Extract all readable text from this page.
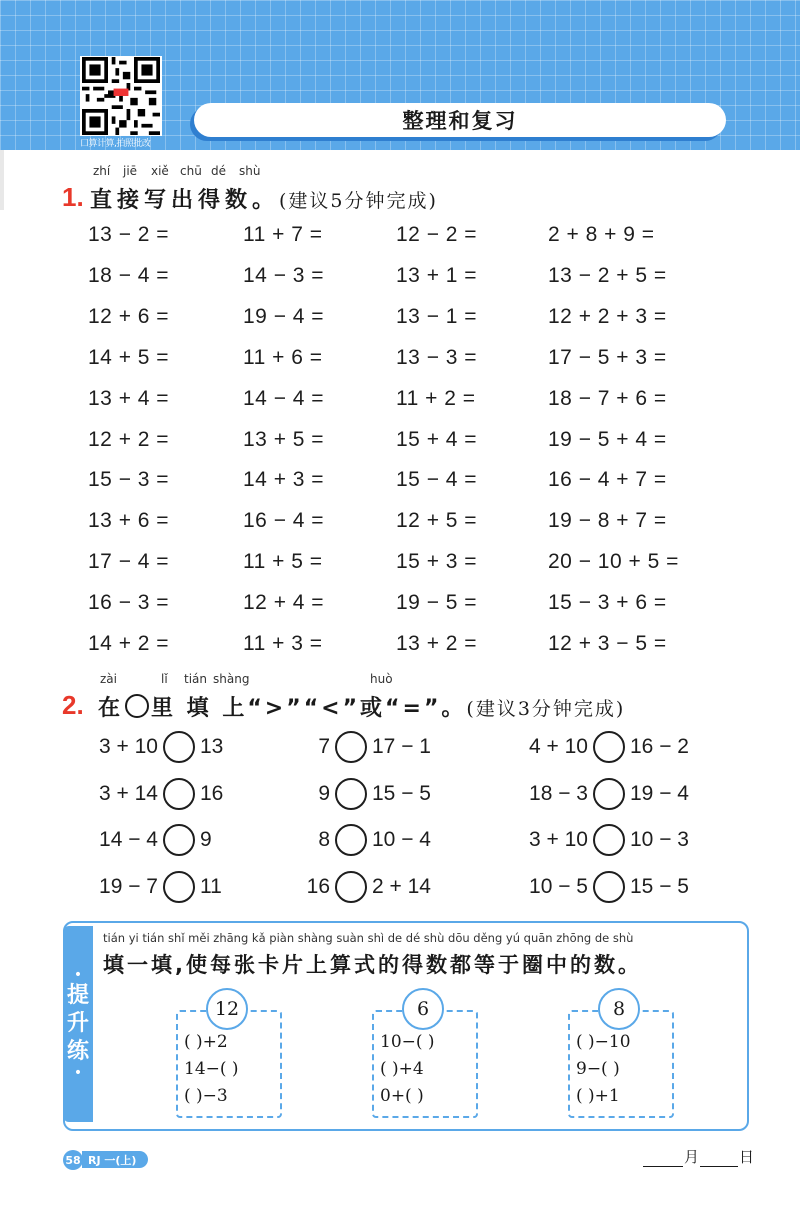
口算计算,拍照批改
整理和复习
zhí jiē xiě chū dé shù
1. 直接写出得数。(建议5分钟完成)
13 − 2 =	11 + 7 =	12 − 2 =	2 + 8 + 9 =
18 − 4 =	14 − 3 =	13 + 1 =	13 − 2 + 5 =
12 + 6 =	19 − 4 =	13 − 1 =	12 + 2 + 3 =
14 + 5 =	11 + 6 =	13 − 3 =	17 − 5 + 3 =
13 + 4 =	14 − 4 =	11 + 2 =	18 − 7 + 6 =
12 + 2 =	13 + 5 =	15 + 4 =	19 − 5 + 4 =
15 − 3 =	14 + 3 =	15 − 4 =	16 − 4 + 7 =
13 + 6 =	16 − 4 =	12 + 5 =	19 − 8 + 7 =
17 − 4 =	11 + 5 =	15 + 3 =	20 − 10 + 5 =
16 − 3 =	12 + 4 =	19 − 5 =	15 − 3 + 6 =
14 + 2 =	11 + 3 =	13 + 2 =	12 + 3 − 5 =
zài	lǐ tián shàng	huò
2. 在 里 填 上“>”“<”或“=”。(建议3分钟完成)
3 + 10 13	7 17 − 1	4 + 10 16 − 2
3 + 14 16	9 15 − 5	18 − 3 19 − 4
14 − 4 9	8 10 − 4	3 + 10 10 − 3
19 − 7 11	16 2 + 14	10 − 5 15 − 5
•
提
升
练
•
tián yi tián shǐ měi zhāng kǎ piàn shàng suàn shì de dé shù dōu děng yú quān zhōng de shù
填一填,使每张卡片上算式的得数都等于圈中的数。
12
( )+2
14−( )
( )−3
6
10−( )
( )+4
0+( )
8
( )−10
9−( )
( )+1
58 RJ 一(上)	月	日
